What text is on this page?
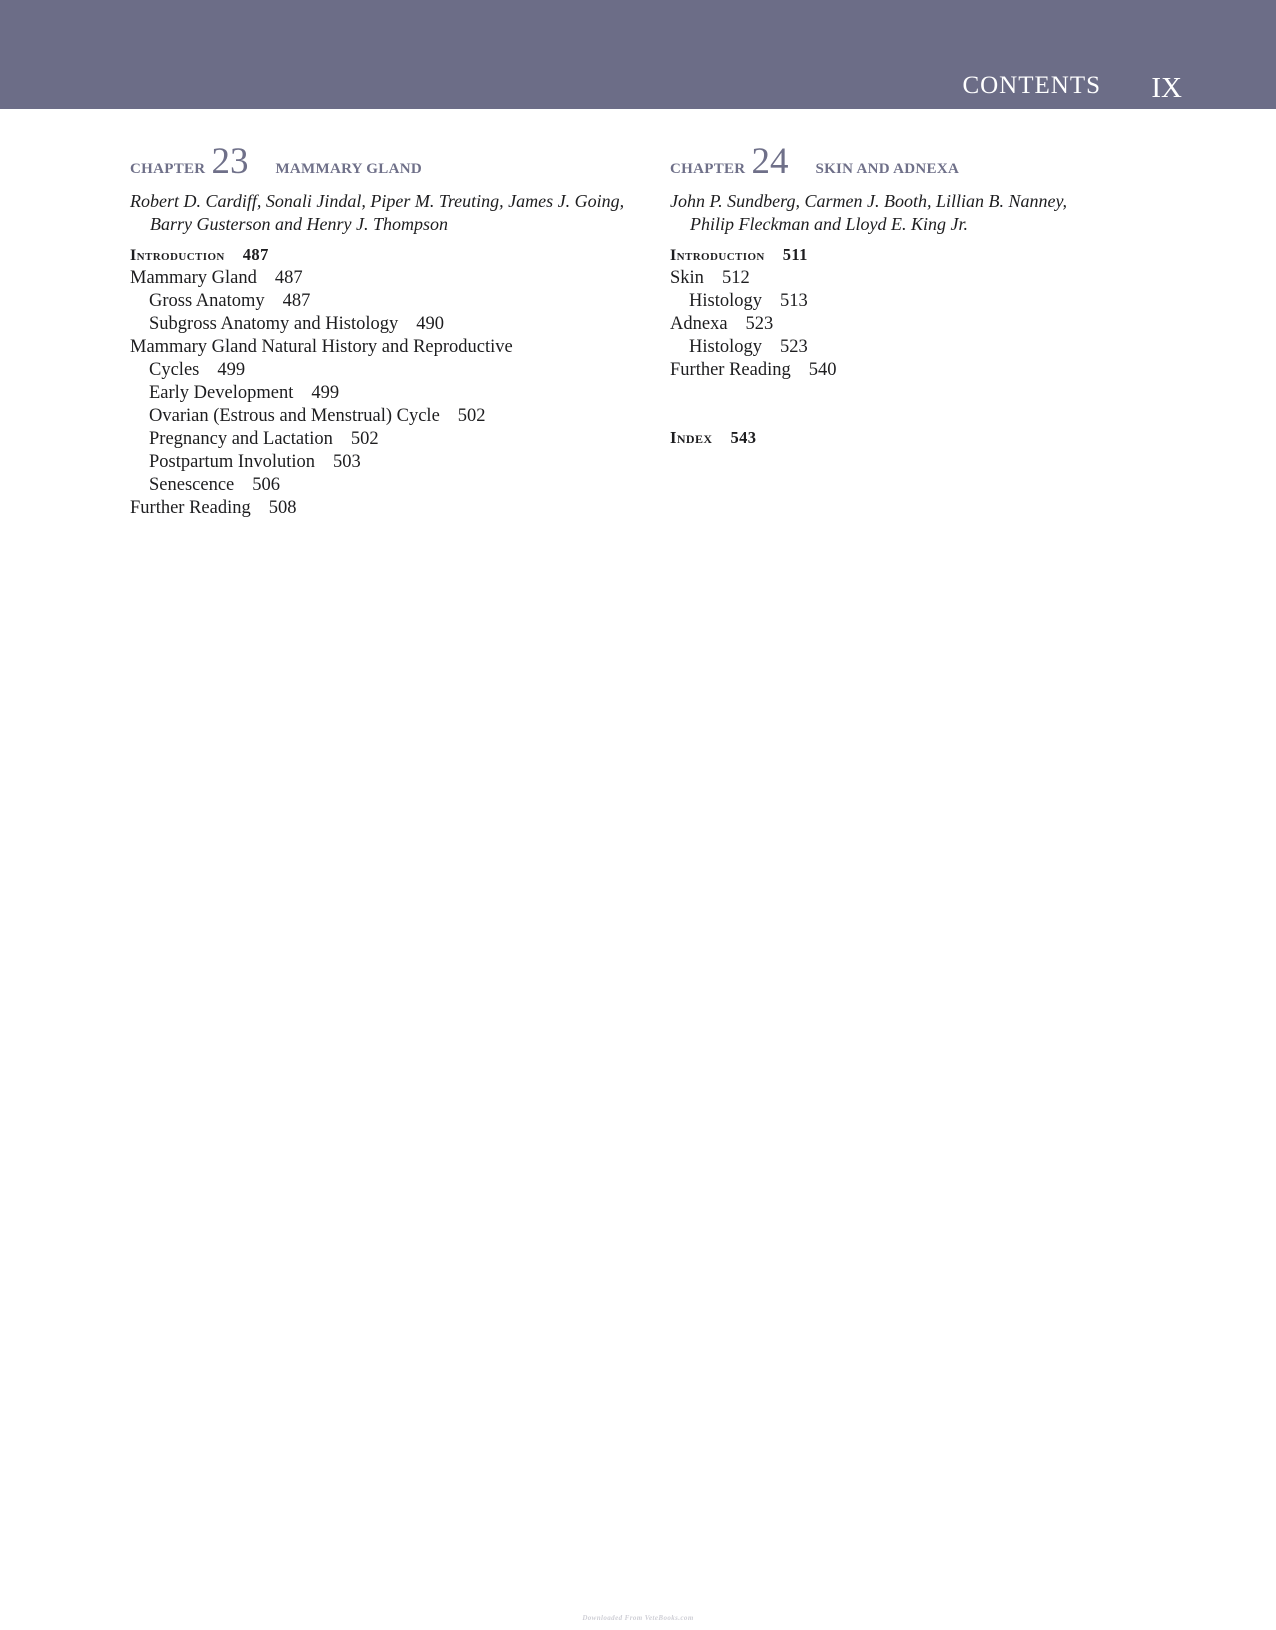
CONTENTS IX
CHAPTER 23 MAMMARY GLAND
Robert D. Cardiff, Sonali Jindal, Piper M. Treuting, James J. Going,
Barry Gusterson and Henry J. Thompson
Introduction 487
Mammary Gland 487
Gross Anatomy 487
Subgross Anatomy and Histology 490
Mammary Gland Natural History and Reproductive
Cycles 499
Early Development 499
Ovarian (Estrous and Menstrual) Cycle 502
Pregnancy and Lactation 502
Postpartum Involution 503
Senescence 506
Further Reading 508
CHAPTER 24 SKIN AND ADNEXA
John P. Sundberg, Carmen J. Booth, Lillian B. Nanney,
Philip Fleckman and Lloyd E. King Jr.
Introduction 511
Skin 512
Histology 513
Adnexa 523
Histology 523
Further Reading 540
Index 543
Downloaded From VeteBooks.com
